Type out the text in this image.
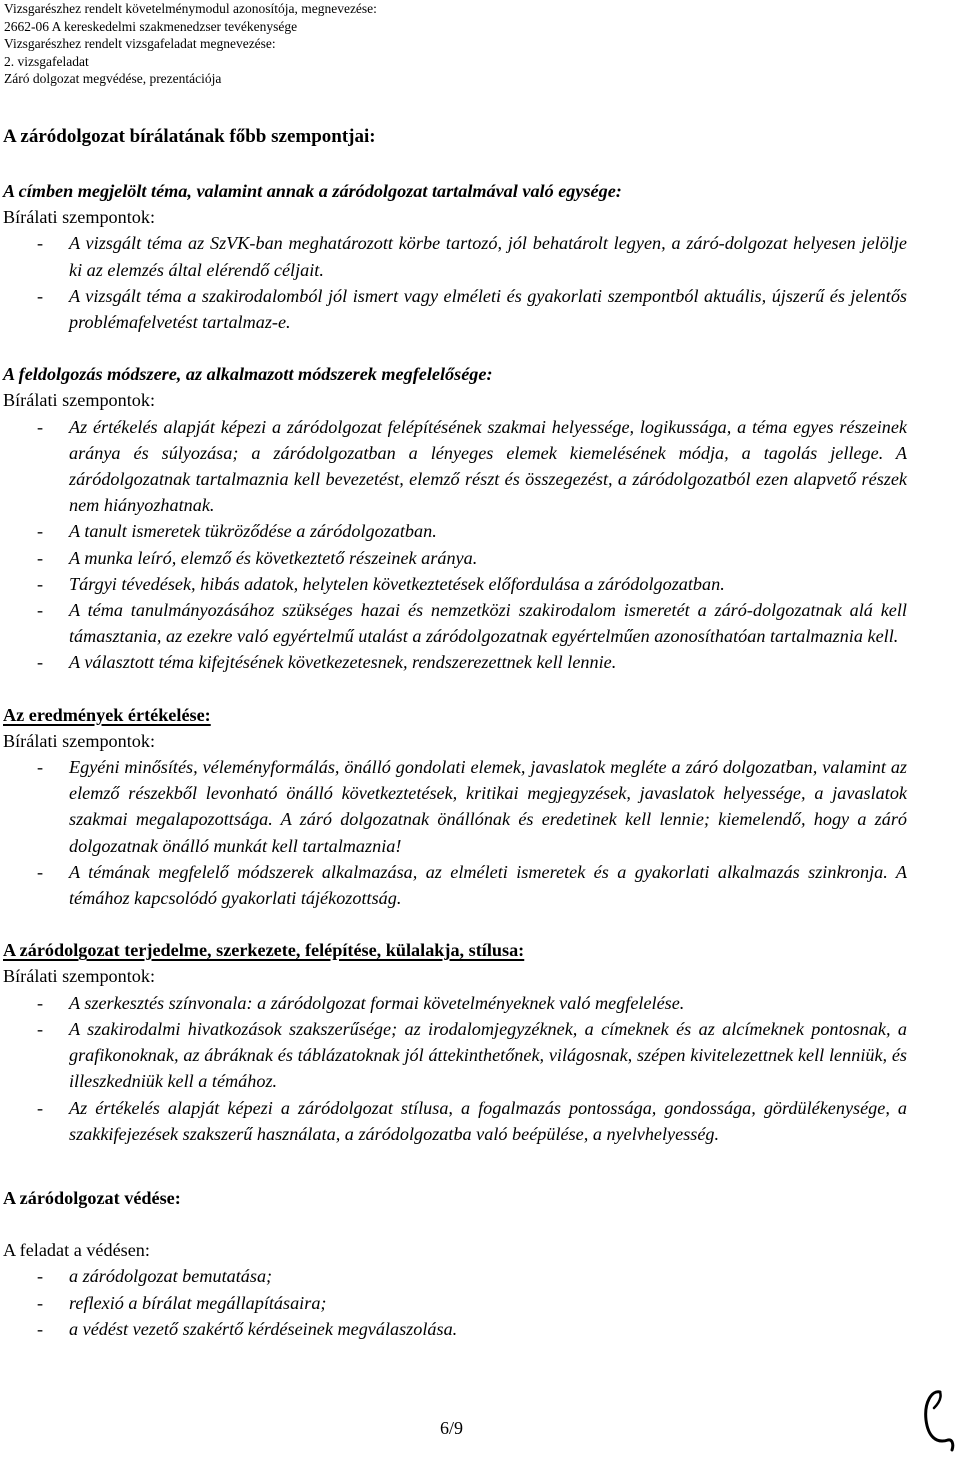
Vizsgarészhez rendelt követelménymodul azonosítója, megnevezése:
2662-06 A kereskedelmi szakmenedzser tevékenysége
Vizsgarészhez rendelt vizsgafeladat megnevezése:
2. vizsgafeladat
Záró dolgozat megvédése, prezentációja
A záródolgozat bírálatának főbb szempontjai:
A címben megjelölt téma, valamint annak a záródolgozat tartalmával való egysége:
Bírálati szempontok:
- A vizsgált téma az SzVK-ban meghatározott körbe tartozó, jól behatárolt legyen, a záró-dolgozat helyesen jelölje ki az elemzés által elérendő céljait.
- A vizsgált téma a szakirodalomból jól ismert vagy elméleti és gyakorlati szempontból aktuális, újszerű és jelentős problémafelvetést tartalmaz-e.
A feldolgozás módszere, az alkalmazott módszerek megfelelősége:
Bírálati szempontok:
- Az értékelés alapját képezi a záródolgozat felépítésének szakmai helyessége, logikussága, a téma egyes részeinek aránya és súlyozása; a záródolgozatban a lényeges elemek kiemelésének módja, a tagolás jellege. A záródolgozatnak tartalmaznia kell bevezetést, elemző részt és összegezést, a záródolgozatból ezen alapvető részek nem hiányozhatnak.
- A tanult ismeretek tükröződése a záródolgozatban.
- A munka leíró, elemző és következtető részeinek aránya.
- Tárgyi tévedések, hibás adatok, helytelen következtetések előfordulása a záródolgozatban.
- A téma tanulmányozásához szükséges hazai és nemzetközi szakirodalom ismeretét a záró-dolgozatnak alá kell támasztania, az ezekre való egyértelmű utalást a záródolgozatnak egyértelműen azonosíthatóan tartalmaznia kell.
- A választott téma kifejtésének következetesnek, rendszerezettnek kell lennie.
Az eredmények értékelése:
Bírálati szempontok:
- Egyéni minősítés, véleményformálás, önálló gondolati elemek, javaslatok megléte a záró dolgozatban, valamint az elemző részekből levonható önálló következtetések, kritikai megjegyzések, javaslatok helyessége, a javaslatok szakmai megalapozottsága. A záró dolgozatnak önállónak és eredetinek kell lennie; kiemelendő, hogy a záró dolgozatnak önálló munkát kell tartalmaznia!
- A témának megfelelő módszerek alkalmazása, az elméleti ismeretek és a gyakorlati alkalmazás szinkronja. A témához kapcsolódó gyakorlati tájékozottság.
A záródolgozat terjedelme, szerkezete, felépítése, külalakja, stílusa:
Bírálati szempontok:
- A szerkesztés színvonala: a záródolgozat formai követelményeknek való megfelelése.
- A szakirodalmi hivatkozások szakszerűsége; az irodalomjegyzéknek, a címeknek és az alcímeknek pontosnak, a grafikonoknak, az ábráknak és táblázatoknak jól áttekinthetőnek, világosnak, szépen kivitelezettnek kell lenniük, és illeszkedniük kell a témához.
- Az értékelés alapját képezi a záródolgozat stílusa, a fogalmazás pontossága, gondossága, gördülékenysége, a szakkifejezések szakszerű használata, a záródolgozatba való beépülése, a nyelvhelyesség.
A záródolgozat védése:
A feladat a védésen:
- a záródolgozat bemutatása;
- reflexió a bírálat megállapításaira;
- a védést vezető szakértő kérdéseinek megválaszolása.
6/9
